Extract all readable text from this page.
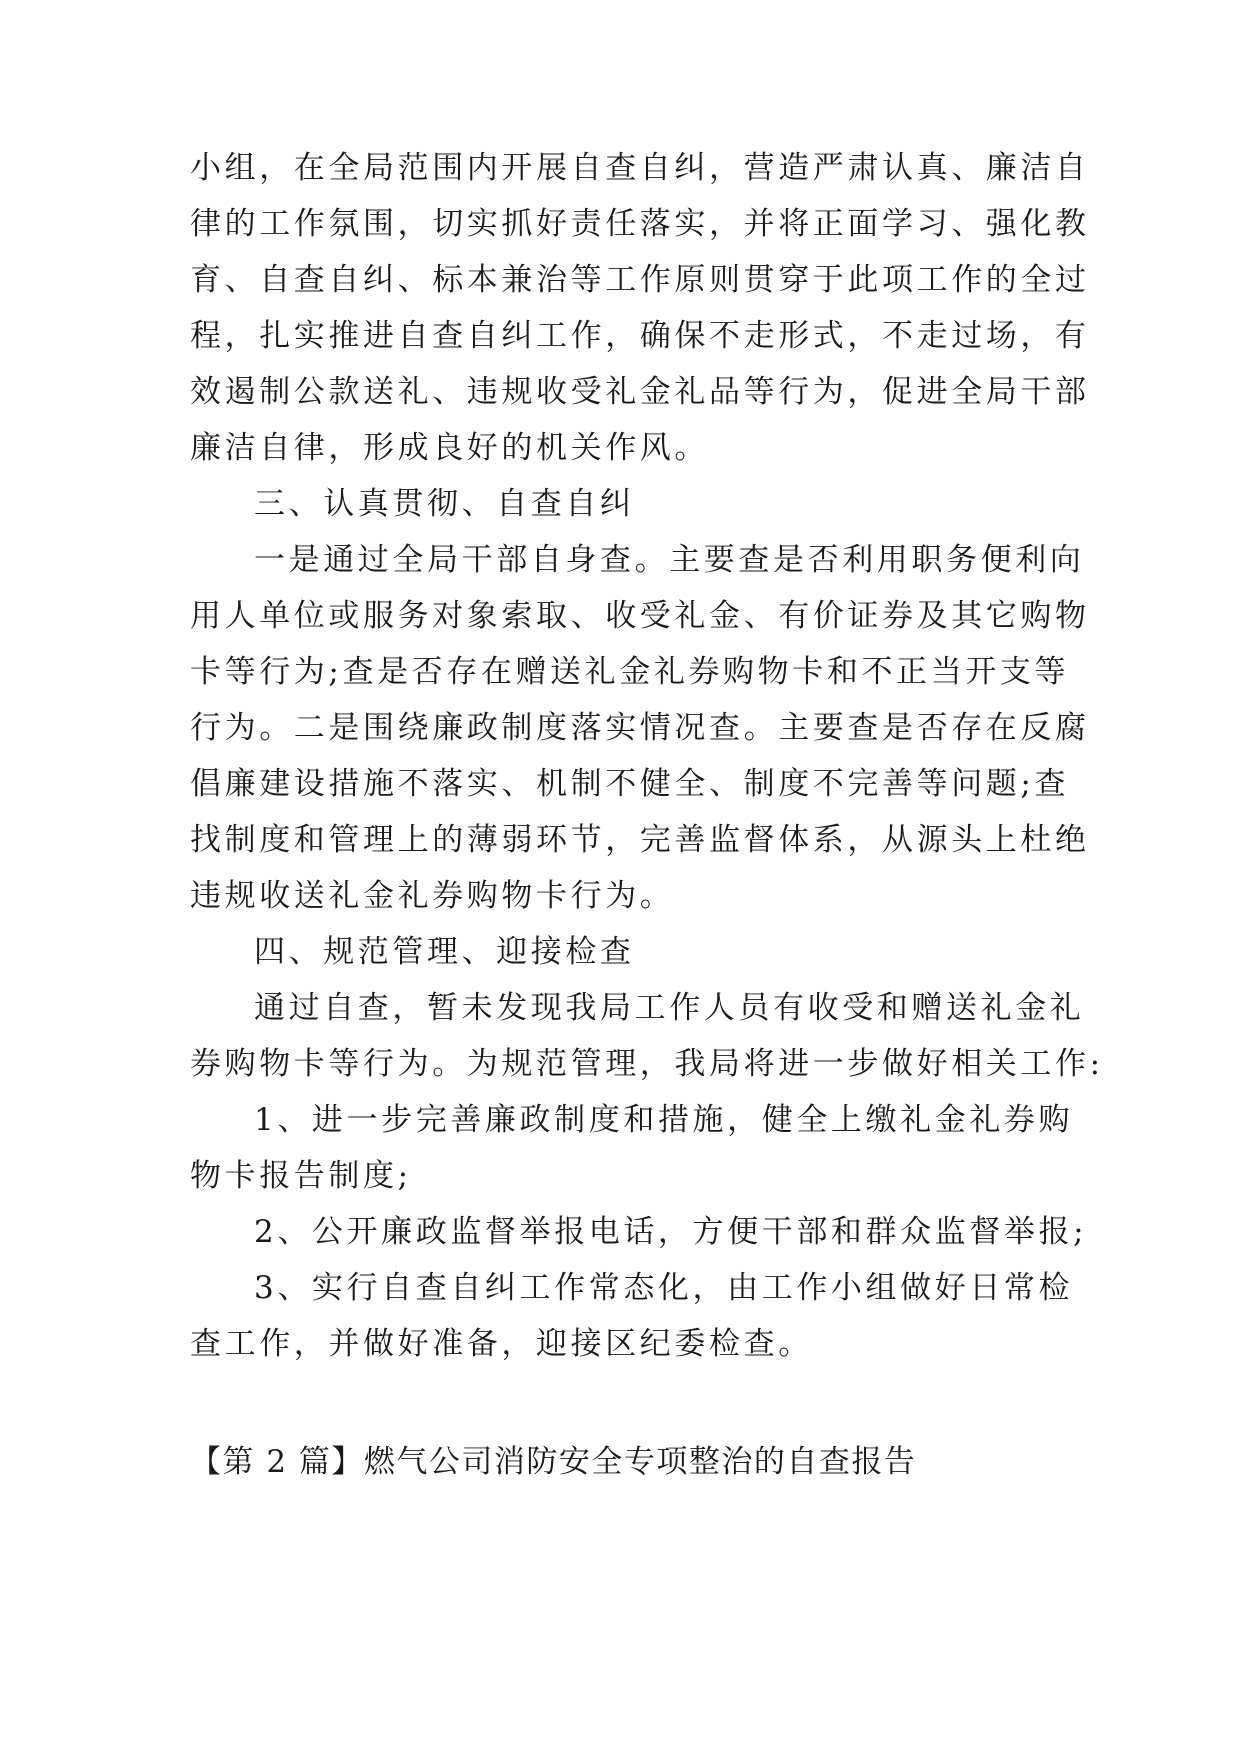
小组，在全局范围内开展自查自纠，营造严肃认真、廉洁自
律的工作氛围，切实抓好责任落实，并将正面学习、强化教
育、自查自纠、标本兼治等工作原则贯穿于此项工作的全过
程，扎实推进自查自纠工作，确保不走形式，不走过场，有
效遏制公款送礼、违规收受礼金礼品等行为，促进全局干部
廉洁自律，形成良好的机关作风。
三、认真贯彻、自查自纠
一是通过全局干部自身查。主要查是否利用职务便利向
用人单位或服务对象索取、收受礼金、有价证券及其它购物
卡等行为;查是否存在赠送礼金礼券购物卡和不正当开支等
行为。二是围绕廉政制度落实情况查。主要查是否存在反腐
倡廉建设措施不落实、机制不健全、制度不完善等问题;查
找制度和管理上的薄弱环节，完善监督体系，从源头上杜绝
违规收送礼金礼券购物卡行为。
四、规范管理、迎接检查
通过自查，暂未发现我局工作人员有收受和赠送礼金礼
券购物卡等行为。为规范管理，我局将进一步做好相关工作:
1、进一步完善廉政制度和措施，健全上缴礼金礼券购
物卡报告制度;
2、公开廉政监督举报电话，方便干部和群众监督举报;
3、实行自查自纠工作常态化，由工作小组做好日常检
查工作，并做好准备，迎接区纪委检查。
【第 2 篇】燃气公司消防安全专项整治的自查报告
